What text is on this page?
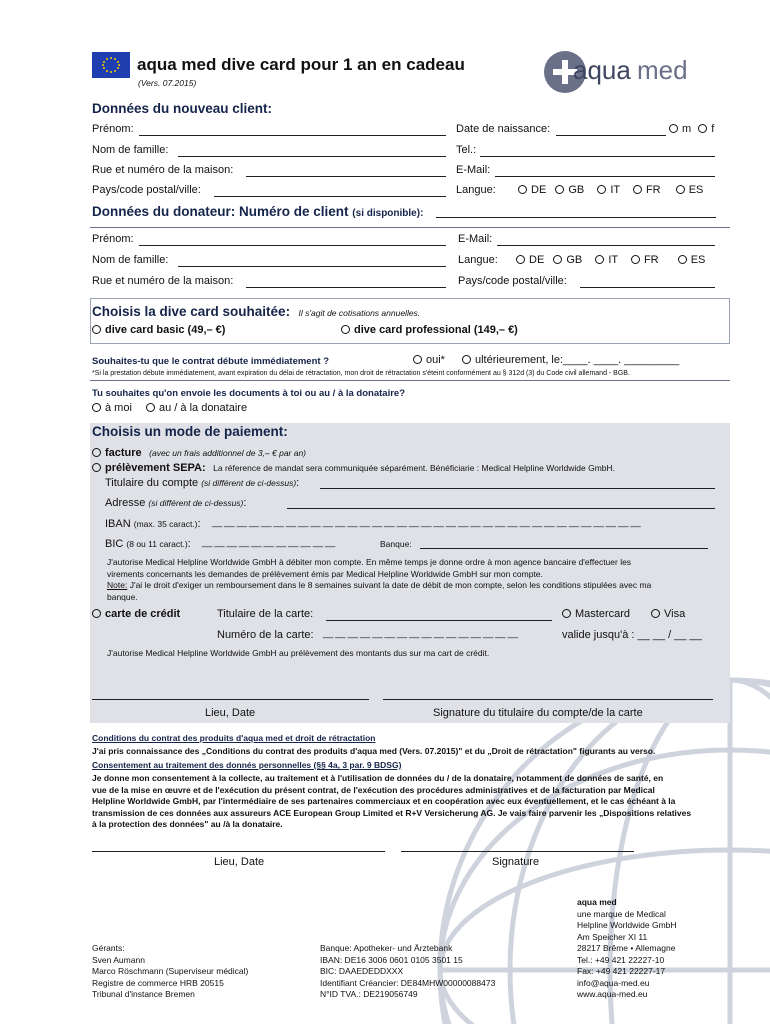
aqua med dive card pour 1 an en cadeau
(Vers. 07.2015)	aqua med
Données du nouveau client:
Prénom:	Date de naissance:	m f
Nom de famille:	Tel.:
Rue et numéro de la maison:	E-Mail:
Pays/code postal/ville:	Langue:	DE GB IT FR	ES
Données du donateur: Numéro de client (si disponible):
Prénom:	E-Mail:
Nom de famille:	Langue:	DE GB IT FR	ES
Rue et numéro de la maison:	Pays/code postal/ville:
Choisis la dive card souhaitée: Il s'agit de cotisations annuelles.
dive card basic (49,– €)	dive card professional (149,– €)
Souhaites-tu que le contrat débute immédiatement ?	oui*	ultérieurement, le:____. ____. _________
*Si la prestation débute immédiatement, avant expiration du délai de rétractation, mon droit de rétractation s'éteint conformément au § 312d (3) du Code civil allemand - BGB.
Tu souhaites qu'on envoie les documents à toi ou au / à la donataire?
à moi	au / à la donataire
Choisis un mode de paiement:
facture (avec un frais additionnel de 3,– € par an)
prélèvement SEPA: La réference de mandat sera communiquée séparément. Bénéficiarie : Medical Helpline Worldwide GmbH.
Titulaire du compte (si différent de ci-dessus):
Adresse (si différent de ci-dessus):
IBAN (max. 35 caract.): __ __ __ __ __ __ __ __ __ __ __ __ __ __ __ __ __ __ __ __ __ __ __ __ __ __ __ __ __ __ __ __ __ __ __
BIC (8 ou 11 caract.): __ __ __ __ __ __ __ __ __ __ __	Banque:
J'autorise Medical Helpline Worldwide GmbH à débiter mon compte. En même temps je donne ordre à mon agence bancaire d'effectuer les
virements concernants les demandes de prélèvement émis par Medical Helpline Worldwide GmbH sur mon compte.
Note: J'ai le droit d'exiger un remboursement dans le 8 semaines suivant la date de débit de mon compte, selon les conditions stipulées avec ma
banque.
carte de crédit	Titulaire de la carte:	Mastercard	Visa
Numéro de la carte: __ __ __ __ __ __ __ __ __ __ __ __ __ __ __ __	valide jusqu'à : __ __ / __ __
J'autorise Medical Helpline Worldwide GmbH au prélèvement des montants dus sur ma cart de crédit.
Lieu, Date	Signature du titulaire du compte/de la carte
Conditions du contrat des produits d'aqua med et droit de rétractation
J'ai pris connaissance des „Conditions du contrat des produits d'aqua med (Vers. 07.2015)" et du „Droit de rétractation" figurants au verso.
Consentement au traitement des donnés personnelles (§§ 4a, 3 par. 9 BDSG)
Je donne mon consentement à la collecte, au traitement et à l'utilisation de données du / de la donataire, notamment de données de santé, en
vue de la mise en œuvre et de l'exécution du présent contrat, de l'exécution des procédures administratives et de la facturation par Medical
Helpline Worldwide GmbH, par l'intermédiaire de ses partenaires commerciaux et en coopération avec eux éventuellement, et le cas échéant à la
transmission de ces données aux assureurs ACE European Group Limited et R+V Versicherung AG. Je vais faire parvenir les „Dispositions relatives
à la protection des données" au /à la donataire.
Lieu, Date	Signature
Gérants:
Sven Aumann
Marco Röschmann (Superviseur médical)
Registre de commerce HRB 20515
Tribunal d'instance Bremen
Banque: Apotheker- und Ärztebank
IBAN: DE16 3006 0601 0105 3501 15
BIC: DAAEDEDDXXX
Identifiant Créancier: DE84MHW00000088473
N°ID TVA.: DE219056749
aqua med
une marque de Medical
Helpline Worldwide GmbH
Am Speicher XI 11
28217 Brême • Allemagne
Tel.: +49 421 22227-10
Fax: +49 421 22227-17
info@aqua-med.eu
www.aqua-med.eu
